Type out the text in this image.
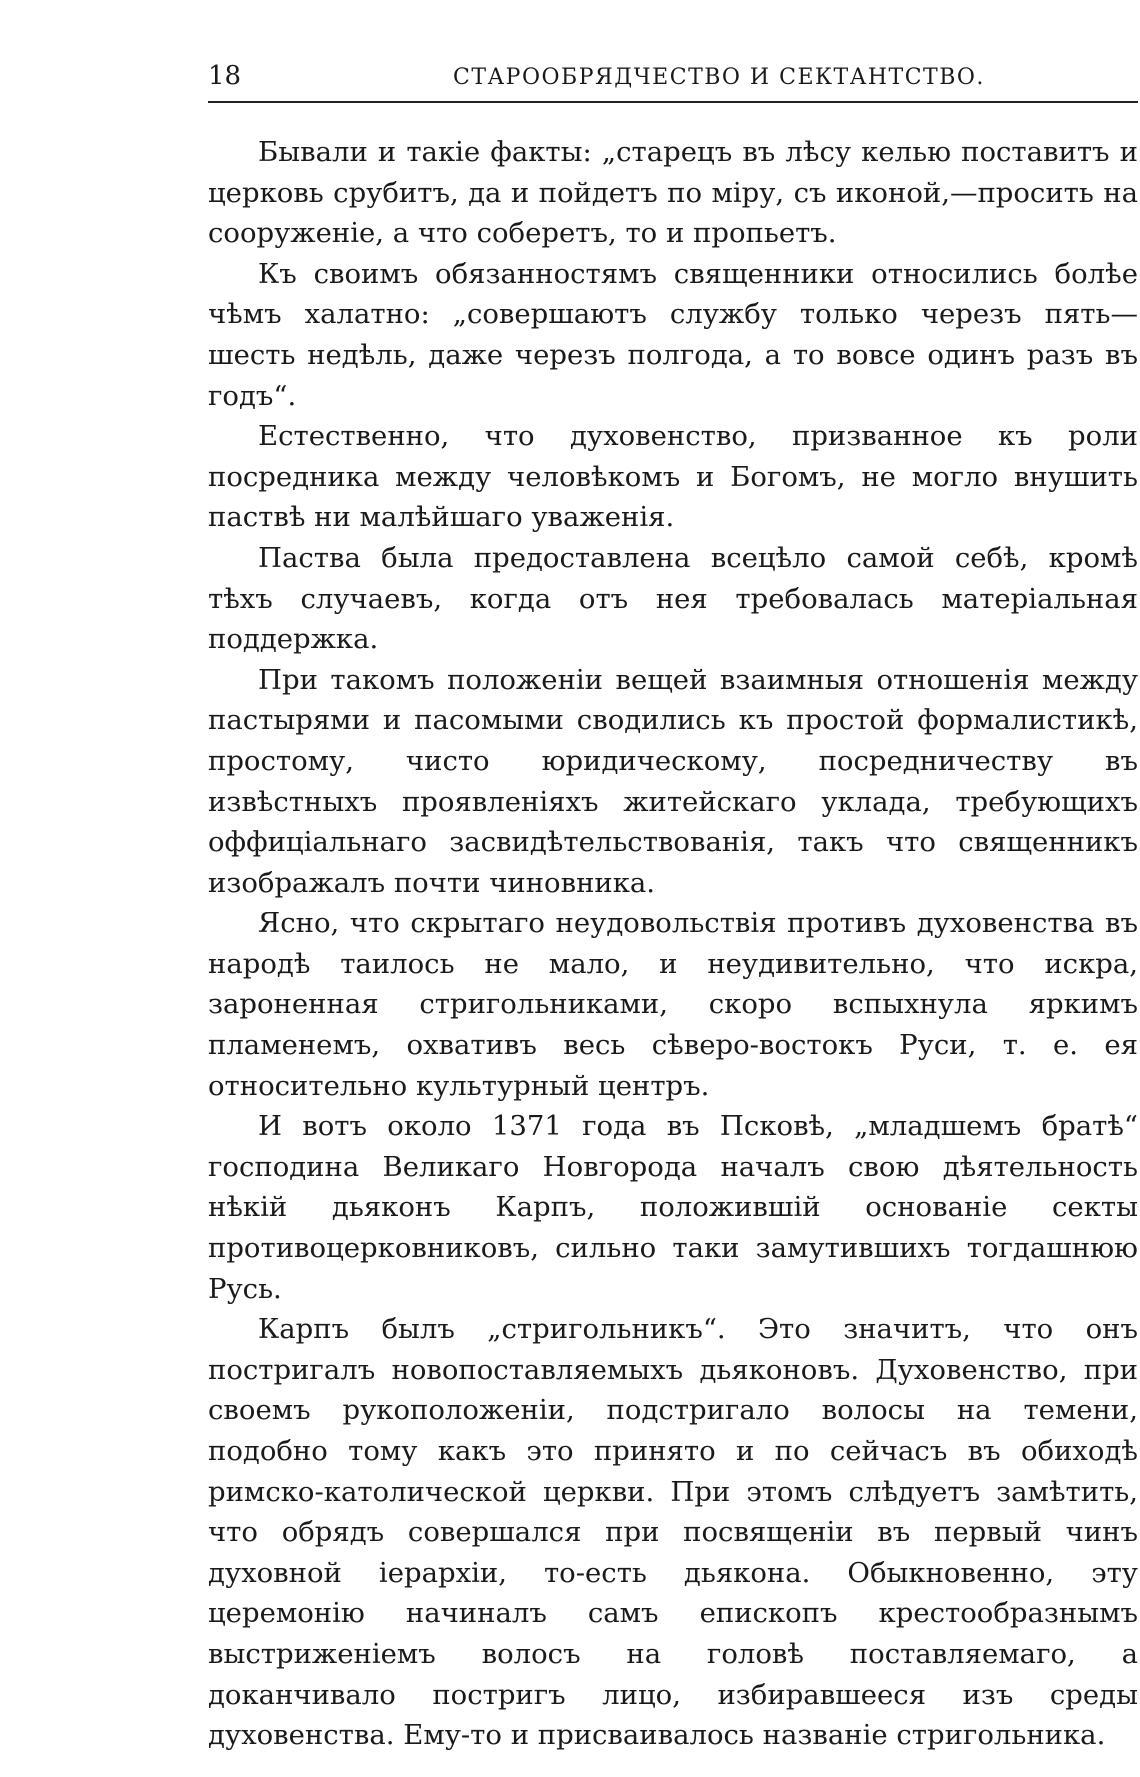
18	СТАРООБРЯДЧЕСТВО И СЕКТАНТСТВО.

Бывали и такіе факты: „старецъ въ лѣсу келью поставитъ и церковь срубитъ, да и пойдетъ по міру, съ иконой,—просить на сооруженіе, а что соберетъ, то и пропьетъ.

Къ своимъ обязанностямъ священники относились болѣе чѣмъ халатно: „совершаютъ службу только черезъ пять—шесть недѣль, даже черезъ полгода, а то вовсе одинъ разъ въ годъ“.

Естественно, что духовенство, призванное къ роли посредника между человѣкомъ и Богомъ, не могло внушить паствѣ ни малѣйшаго уваженія.

Паства была предоставлена всецѣло самой себѣ, кромѣ тѣхъ случаевъ, когда отъ нея требовалась матеріальная поддержка.

При такомъ положеніи вещей взаимныя отношенія между пастырями и пасомыми сводились къ простой формалистикѣ, простому, чисто юридическому, посредничеству въ извѣстныхъ проявленіяхъ житейскаго уклада, требующихъ оффиціальнаго засвидѣтельствованія, такъ что священникъ изображалъ почти чиновника.

Ясно, что скрытаго неудовольствія противъ духовенства въ народѣ таилось не мало, и неудивительно, что искра, зароненная стригольниками, скоро вспыхнула яркимъ пламенемъ, охвативъ весь сѣверо-востокъ Руси, т. е. ея относительно культурный центръ.

И вотъ около 1371 года въ Псковѣ, „младшемъ братѣ“ господина Великаго Новгорода началъ свою дѣятельность нѣкій дьяконъ Карпъ, положившій основаніе секты противоцерковниковъ, сильно таки замутившихъ тогдашнюю Русь.

Карпъ былъ „стригольникъ“. Это значитъ, что онъ постригалъ новопоставляемыхъ дьяконовъ. Духовенство, при своемъ рукоположеніи, подстригало волосы на темени, подобно тому какъ это принято и по сейчасъ въ обиходѣ римско-католической церкви. При этомъ слѣдуетъ замѣтить, что обрядъ совершался при посвященіи въ первый чинъ духовной іерархіи, то-есть дьякона. Обыкновенно, эту церемонію начиналъ самъ епископъ крестообразнымъ выстриженіемъ волосъ на головѣ поставляемаго, а доканчивало постригъ лицо, избиравшееся изъ среды духовенства. Ему-то и присваивалось названіе стригольника.
